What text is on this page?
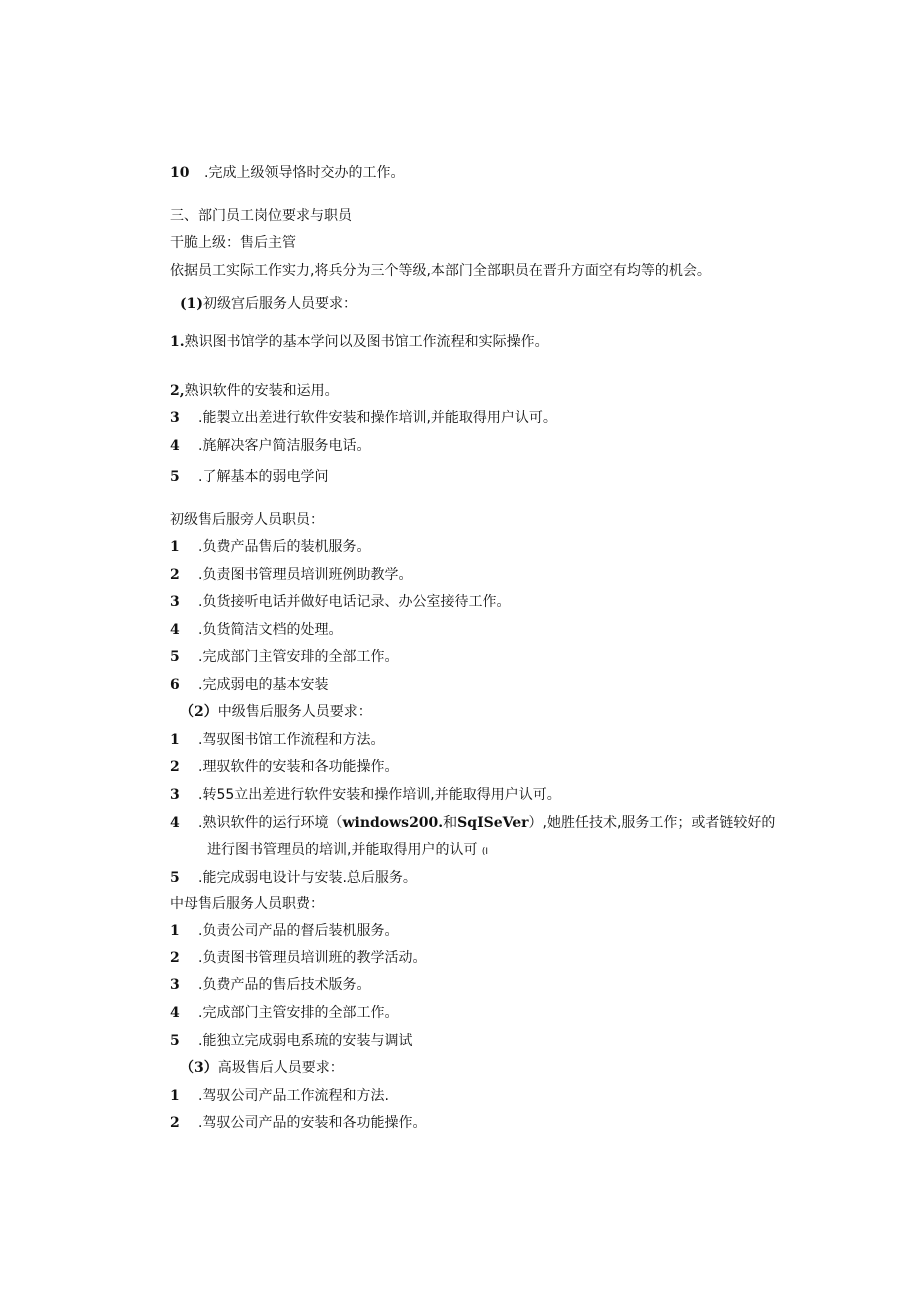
10 .完成上级领导恪时交办的工作。
三、部门员工岗位要求与职员
干脆上级：售后主管
依据员工实际工作实力,将兵分为三个等级,本部门全部职员在晋升方面空有均等的机会。
(1)初级宫后服务人员要求：
1.熟识图书馆学的基本学问以及图书馆工作流程和实际操作。
2,熟识软件的安装和运用。
3 .能製立出差进行软件安装和操作培训,并能取得用户认可。
4 .旄解决客户简洁服务电话。
5 .了解基本的弱电学问
初级售后服旁人员职员：
1 .负费产品售后的装机服务。
2 .负责图书管理员培训班例助教学。
3 .负货接听电话并做好电话记录、办公室接待工作。
4 .负货简洁文档的处理。
5 .完成部门主管安琲的全部工作。
6 .完成弱电的基本安装
（2）中级售后服务人员要求：
1 .驾驭图书馆工作流程和方法。
2 .理驭软件的安装和各功能操作。
3 .转55立出差进行软件安装和操作培训,并能取得用户认可。
4 .熟识软件的运行环境（windows200.和SqISeVer）,她胜任技术,服务工作；或者链较好的
进行图书管理员的培训,并能取得用户的认可 (I
5 .能完成弱电设计与安装.总后服务。
中母售后服务人员职费：
1 .负责公司产品的督后装机服务。
2 .负责图书管理员培训班的教学活动。
3 .负费产品的售后技术版务。
4 .完成部门主管安排的全部工作。
5 .能独立完成弱电系琉的安装与调试
（3）高圾售后人员要求：
1 .驾驭公司产品工作流程和方法.
2 .驾驭公司产品的安装和各功能操作。
